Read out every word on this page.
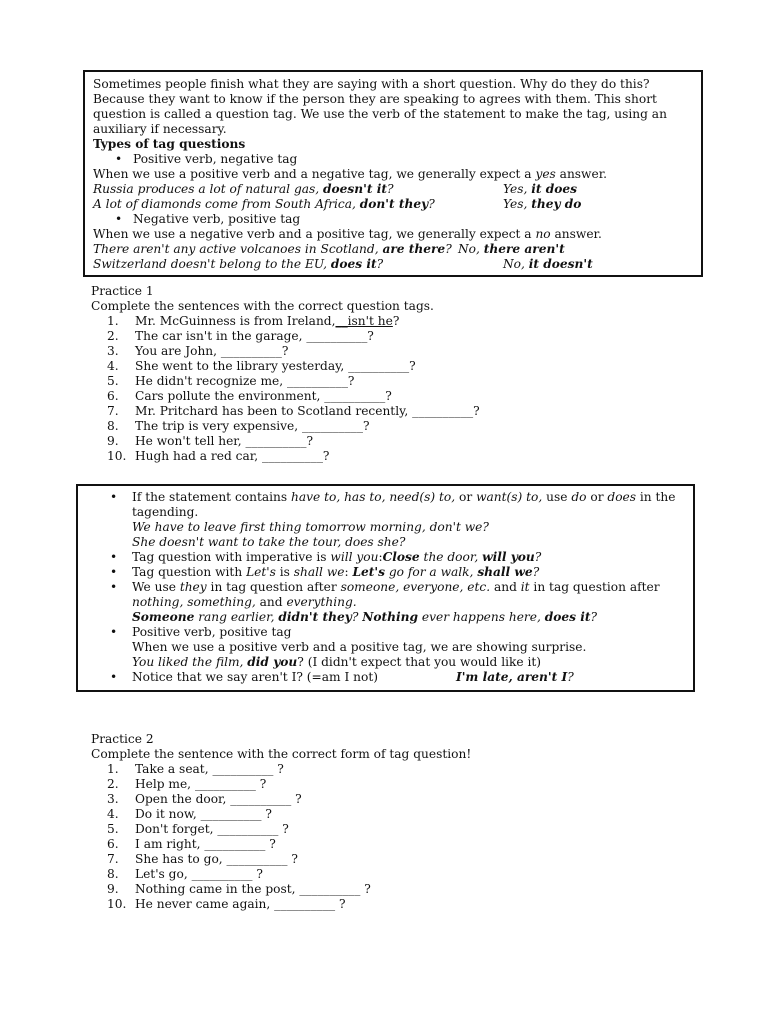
Sometimes people finish what they are saying with a short question. Why do they do this? Because they want to know if the person they are speaking to agrees with them. This short question is called a question tag. We use the verb of the statement to make the tag, using an auxiliary if necessary.
Types of tag questions
• Positive verb, negative tag
When we use a positive verb and a negative tag, we generally expect a yes answer.
Russia produces a lot of natural gas, doesn't it?	Yes, it does
A lot of diamonds come from South Africa, don't they?	Yes, they do
• Negative verb, positive tag
When we use a negative verb and a positive tag, we generally expect a no answer.
There aren't any active volcanoes in Scotland, are there? No, there aren't
Switzerland doesn't belong to the EU, does it?	No, it doesn't
Practice 1
Complete the sentences with the correct question tags.
1. Mr. McGuinness is from Ireland,__isn't he?
2. The car isn't in the garage, __________?
3. You are John, __________?
4. She went to the library yesterday, __________?
5. He didn't recognize me, __________?
6. Cars pollute the environment, __________?
7. Mr. Pritchard has been to Scotland recently, __________?
8. The trip is very expensive, __________?
9. He won't tell her, __________?
10. Hugh had a red car, __________?
• If the statement contains have to, has to, need(s) to, or want(s) to, use do or does in the tagending.
We have to leave first thing tomorrow morning, don't we?
She doesn't want to take the tour, does she?
• Tag question with imperative is will you:Close the door, will you?
• Tag question with Let's is shall we: Let's go for a walk, shall we?
• We use they in tag question after someone, everyone, etc. and it in tag question after nothing, something, and everything.
Someone rang earlier, didn't they? Nothing ever happens here, does it?
• Positive verb, positive tag
When we use a positive verb and a positive tag, we are showing surprise.
You liked the film, did you? (I didn't expect that you would like it)
• Notice that we say aren't I? (=am I not)	I'm late, aren't I?
Practice 2
Complete the sentence with the correct form of tag question!
1. Take a seat, __________ ?
2. Help me, __________ ?
3. Open the door, __________ ?
4. Do it now, __________ ?
5. Don't forget, __________ ?
6. I am right, __________ ?
7. She has to go, __________ ?
8. Let's go, __________ ?
9. Nothing came in the post, __________ ?
10. He never came again, __________ ?
